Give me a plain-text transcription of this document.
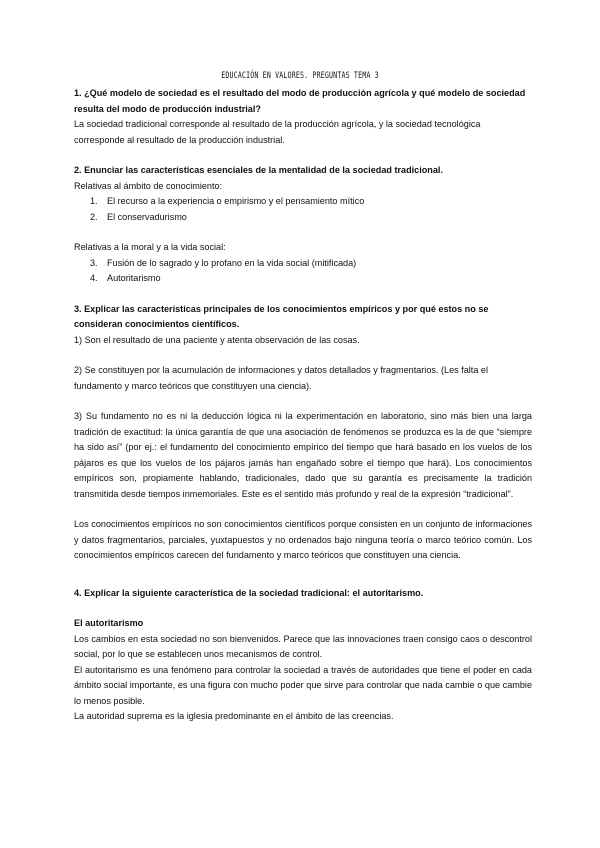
EDUCACIÓN EN VALORES. PREGUNTAS TEMA 3

1. ¿Qué modelo de sociedad es el resultado del modo de producción agrícola y qué modelo de sociedad resulta del modo de producción industrial?

La sociedad tradicional corresponde al resultado de la producción agrícola, y la sociedad tecnológica corresponde al resultado de la producción industrial.

2. Enunciar las características esenciales de la mentalidad de la sociedad tradicional.

Relativas al ámbito de conocimiento:

1. El recurso a la experiencia o empirismo y el pensamiento mítico
2. El conservadurismo

Relativas a la moral y a la vida social:

3. Fusión de lo sagrado y lo profano en la vida social (mitificada)
4. Autoritarismo

3. Explicar las características principales de los conocimientos empíricos y por qué estos no se consideran conocimientos científicos.

1) Son el resultado de una paciente y atenta observación de las cosas.

2) Se constituyen por la acumulación de informaciones y datos detallados y fragmentarios. (Les falta el fundamento y marco teóricos que constituyen una ciencia).

3) Su fundamento no es ni la deducción lógica ni la experimentación en laboratorio, sino más bien una larga tradición de exactitud: la única garantía de que una asociación de fenómenos se produzca es la de que “siempre ha sido así” (por ej.: el fundamento del conocimiento empírico del tiempo que hará basado en los vuelos de los pájaros es que los vuelos de los pájaros jamás han engañado sobre el tiempo que hará). Los conocimientos empíricos son, propiamente hablando, tradicionales, dado que su garantía es precisamente la tradición transmitida desde tiempos inmemoriales. Este es el sentido más profundo y real de la expresión “tradicional”.

Los conocimientos empíricos no son conocimientos científicos porque consisten en un conjunto de informaciones y datos fragmentarios, parciales, yuxtapuestos y no ordenados bajo ninguna teoría o marco teórico común. Los conocimientos empíricos carecen del fundamento y marco teóricos que constituyen una ciencia.

4. Explicar la siguiente característica de la sociedad tradicional: el autoritarismo.

El autoritarismo

Los cambios en esta sociedad no son bienvenidos. Parece que las innovaciones traen consigo caos o descontrol social, por lo que se establecen unos mecanismos de control.

El autoritarismo es una fenómeno para controlar la sociedad a través de autoridades que tiene el poder en cada ámbito social importante, es una figura con mucho poder que sirve para controlar que nada cambie o que cambie lo menos posible.

La autoridad suprema es la iglesia predominante en el ámbito de las creencias.
